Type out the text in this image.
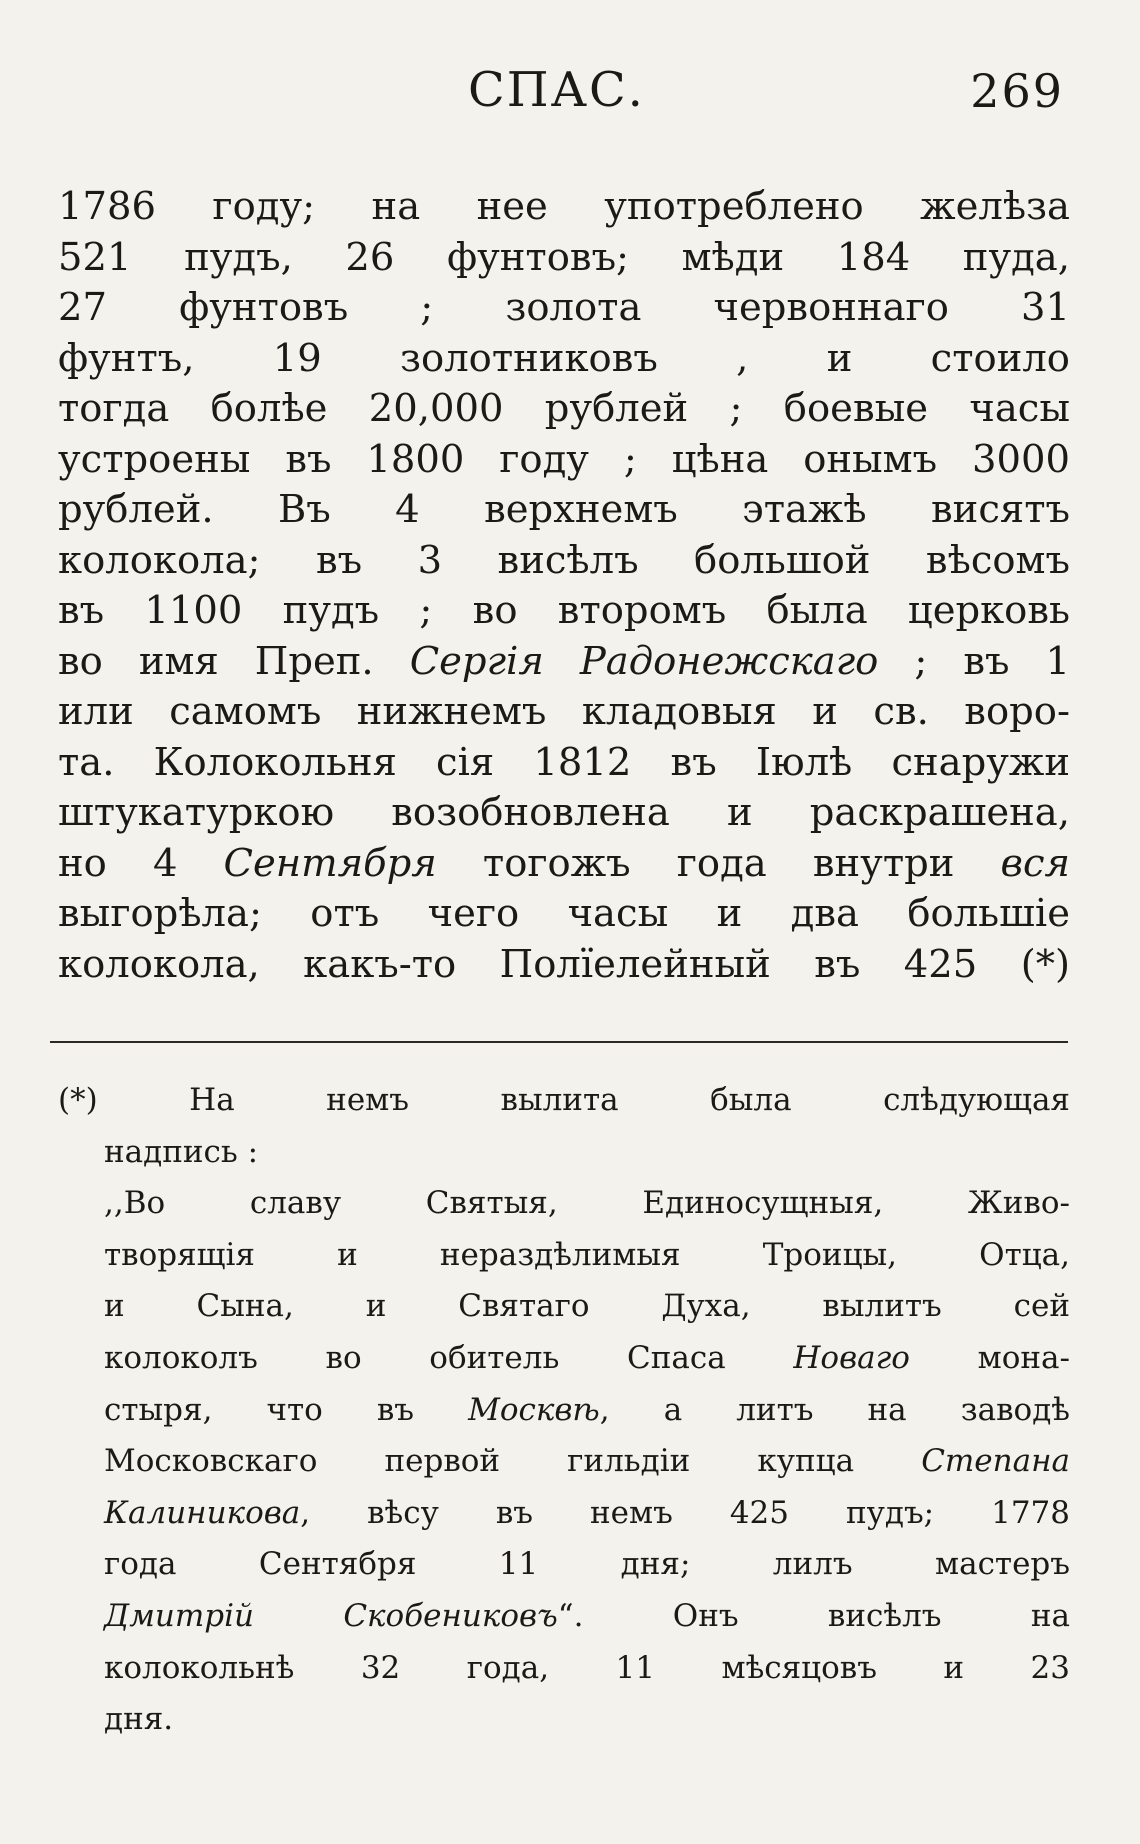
СПАС.	269
1786 году; на нее употреблено желѣза
521 пудъ, 26 фунтовъ; мѣди 184 пуда,
27 фунтовъ ; золота червоннаго 31
фунтъ, 19 золотниковъ , и стоило
тогда болѣе 20,000 рублей ; боевые часы
устроены въ 1800 году ; цѣна онымъ 3000
рублей. Въ 4 верхнемъ этажѣ висятъ
колокола; въ 3 висѣлъ большой вѣсомъ
въ 1100 пудъ ; во второмъ была церковь
во имя Преп. Сергія Радонежскаго ; въ 1
или самомъ нижнемъ кладовыя и св. воро-
та. Колокольня сія 1812 въ Іюлѣ снаружи
штукатуркою возобновлена и раскрашена,
но 4 Сентября тогожъ года внутри вся
выгорѣла; отъ чего часы и два большіе
колокола, какъ-то Полїелейный въ 425 (*)
(*) На немъ вылита была слѣдующая
надпись :
,,Во славу Святыя, Единосущныя, Живо-
творящія и нераздѣлимыя Троицы, Отца,
и Сына, и Святаго Духа, вылитъ сей
колоколъ во обитель Спаса Новаго мона-
стыря, что въ Москвѣ, а литъ на заводѣ
Московскаго первой гильдіи купца Степана
Калиникова, вѣсу въ немъ 425 пудъ; 1778
года Сентября 11 дня; лилъ мастеръ
Дмитрій Скобениковъ“. Онъ висѣлъ на
колокольнѣ 32 года, 11 мѣсяцовъ и 23
дня.
